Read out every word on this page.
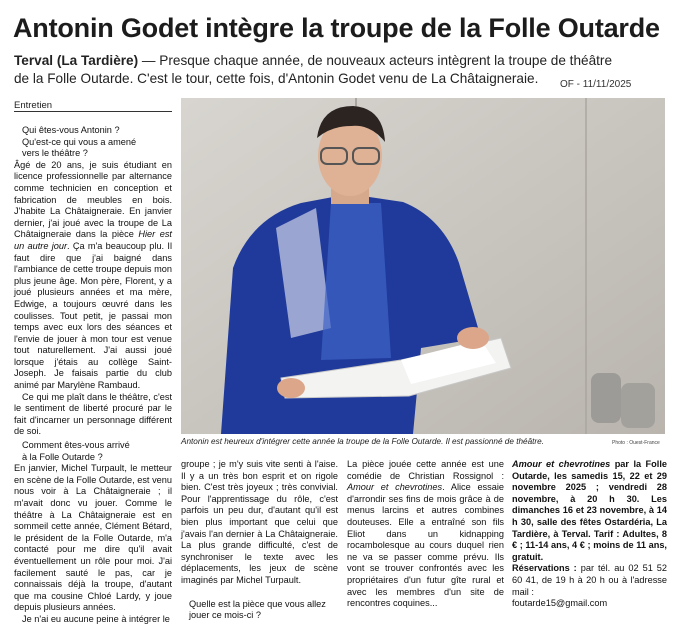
Antonin Godet intègre la troupe de la Folle Outarde
Terval (La Tardière) — Presque chaque année, de nouveaux acteurs intègrent la troupe de théâtre
de la Folle Outarde. C'est le tour, cette fois, d'Antonin Godet venu de La Châtaigneraie.	OF - 11/11/2025
Entretien
Qui êtes-vous Antonin ?
Qu'est-ce qui vous a amené
vers le théâtre ?
Âgé de 20 ans, je suis étudiant en licence professionnelle par alternance comme technicien en conception et fabrication de meubles en bois. J'habite La Châtaigneraie. En janvier dernier, j'ai joué avec la troupe de La Châtaigneraie dans la pièce Hier est un autre jour. Ça m'a beaucoup plu. Il faut dire que j'ai baigné dans l'ambiance de cette troupe depuis mon plus jeune âge. Mon père, Florent, y a joué plusieurs années et ma mère, Edwige, a toujours œuvré dans les coulisses. Tout petit, je passai mon temps avec eux lors des séances et l'envie de jouer à mon tour est venue tout naturellement. J'ai aussi joué lorsque j'étais au collège Saint-Joseph. Je faisais partie du club animé par Marylène Rambaud.
Ce qui me plaît dans le théâtre, c'est le sentiment de liberté procuré par le fait d'incarner un personnage différent de soi.
Comment êtes-vous arrivé
à la Folle Outarde ?
En janvier, Michel Turpault, le metteur en scène de la Folle Outarde, est venu nous voir à La Châtaigneraie ; il m'avait donc vu jouer. Comme le théâtre à La Châtaigneraie est en sommeil cette année, Clément Bétard, le président de la Folle Outarde, m'a contacté pour me dire qu'il avait éventuellement un rôle pour moi. J'ai facilement sauté le pas, car je connaissais déjà la troupe, d'autant que ma cousine Chloé Lardy, y joue depuis plusieurs années.
Je n'ai eu aucune peine à intégrer le
Antonin est heureux d'intégrer cette année la troupe de la Folle Outarde. Il est passionné de théâtre.	Photo : Ouest-France
groupe ; je m'y suis vite senti à l'aise. Il y a un très bon esprit et on rigole bien. C'est très joyeux ; très convivial. Pour l'apprentissage du rôle, c'est parfois un peu dur, d'autant qu'il est bien plus important que celui que j'avais l'an dernier à La Châtaigneraie. La plus grande difficulté, c'est de synchroniser le texte avec les déplacements, les jeux de scène imaginés par Michel Turpault.
Quelle est la pièce que vous allez
jouer ce mois-ci ?
La pièce jouée cette année est une comédie de Christian Rossignol : Amour et chevrotines. Alice essaie d'arrondir ses fins de mois grâce à de menus larcins et autres combines douteuses. Elle a entraîné son fils Eliot dans un kidnapping rocambolesque au cours duquel rien ne va se passer comme prévu. Ils vont se trouver confrontés avec les propriétaires d'un futur gîte rural et avec les membres d'un site de rencontres coquines...
Amour et chevrotines par la Folle Outarde, les samedis 15, 22 et 29 novembre 2025 ; vendredi 28 novembre, à 20 h 30. Les dimanches 16 et 23 novembre, à 14 h 30, salle des fêtes Ostardéria, La Tardière, à Terval. Tarif : Adultes, 8 € ; 11-14 ans, 4 € ; moins de 11 ans, gratuit.
Réservations : par tél. au 02 51 52 60 41, de 19 h à 20 h ou à l'adresse mail :
foutarde15@gmail.com
